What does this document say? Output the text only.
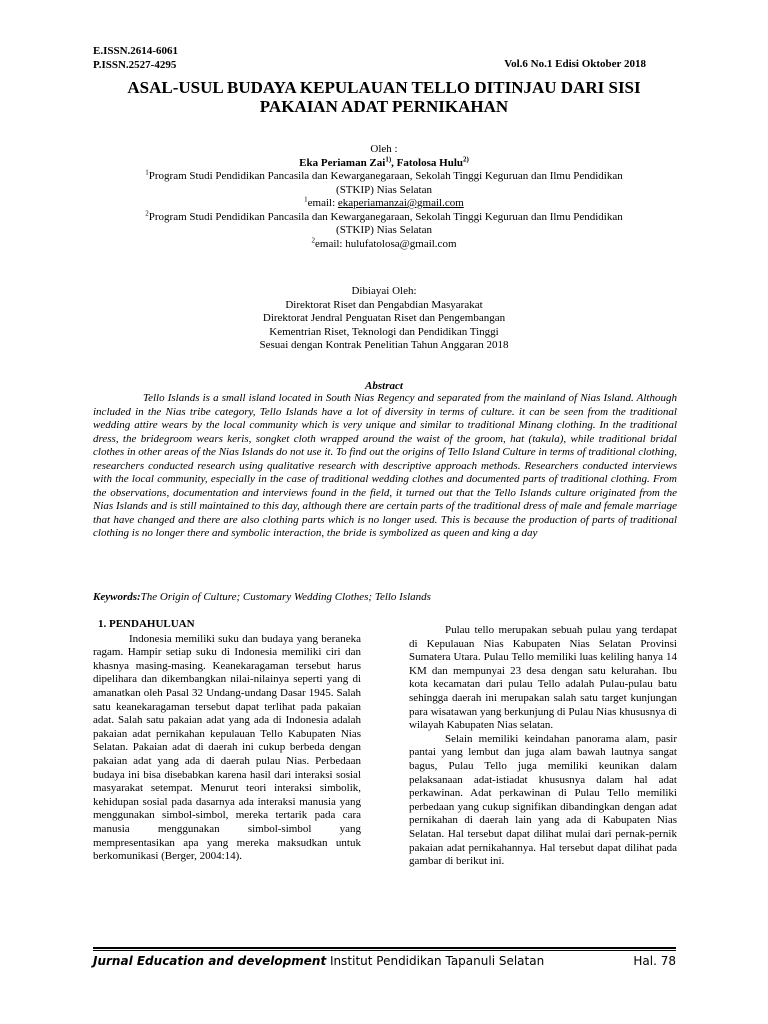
E.ISSN.2614-6061
P.ISSN.2527-4295	Vol.6 No.1 Edisi Oktober 2018
ASAL-USUL BUDAYA KEPULAUAN TELLO DITINJAU DARI SISI
PAKAIAN ADAT PERNIKAHAN
Oleh :
Eka Periaman Zai$^{1)}$, Fatolosa Hulu$^{2)}$
$^1$Program Studi Pendidikan Pancasila dan Kewarganegaraan, Sekolah Tinggi Keguruan dan Ilmu Pendidikan
(STKIP) Nias Selatan
$^1$email: ekaperiamanzai@gmail.com
$^2$Program Studi Pendidikan Pancasila dan Kewarganegaraan, Sekolah Tinggi Keguruan dan Ilmu Pendidikan
(STKIP) Nias Selatan
$^2$email: hulufatolosa@gmail.com
Dibiayai Oleh:
Direktorat Riset dan Pengabdian Masyarakat
Direktorat Jendral Penguatan Riset dan Pengembangan
Kementrian Riset, Teknologi dan Pendidikan Tinggi
Sesuai dengan Kontrak Penelitian Tahun Anggaran 2018
Abstract

Tello Islands is a small island located in South Nias Regency and separated from the mainland of Nias Island. Although included in the Nias tribe category, Tello Islands have a lot of diversity in terms of culture. it can be seen from the traditional wedding attire wears by the local community which is very unique and similar to traditional Minang clothing. In the traditional dress, the bridegroom wears keris, songket cloth wrapped around the waist of the groom, hat (takula), while traditional bridal clothes in other areas of the Nias Islands do not use it. To find out the origins of Tello Island Culture in terms of traditional clothing, researchers conducted research using qualitative research with descriptive approach methods. Researchers conducted interviews with the local community, especially in the case of traditional wedding clothes and documented parts of traditional clothing. From the observations, documentation and interviews found in the field, it turned out that the Tello Islands culture originated from the Nias Islands and is still maintained to this day, although there are certain parts of the traditional dress of male and female marriage that have changed and there are also clothing parts which is no longer used. This is because the production of parts of traditional clothing is no longer there and symbolic interaction, the bride is symbolized as queen and king a day

Keywords:The Origin of Culture; Customary Wedding Clothes; Tello Islands
1. PENDAHULUAN

Indonesia memiliki suku dan budaya yang beraneka ragam. Hampir setiap suku di Indonesia memiliki ciri dan khasnya masing-masing. Keanekaragaman tersebut harus dipelihara dan dikembangkan nilai-nilainya seperti yang di amanatkan oleh Pasal 32 Undang-undang Dasar 1945. Salah satu keanekaragaman tersebut dapat terlihat pada pakaian adat. Salah satu pakaian adat yang ada di Indonesia adalah pakaian adat pernikahan kepulauan Tello Kabupaten Nias Selatan. Pakaian adat di daerah ini cukup berbeda dengan pakaian adat yang ada di daerah pulau Nias. Perbedaan budaya ini bisa disebabkan karena hasil dari interaksi sosial masyarakat setempat. Menurut teori interaksi simbolik, kehidupan sosial pada dasarnya ada interaksi manusia yang menggunakan simbol-simbol, mereka tertarik pada cara manusia menggunakan simbol-simbol yang mempresentasikan apa yang mereka maksudkan untuk berkomunikasi (Berger, 2004:14).

Pulau tello merupakan sebuah pulau yang terdapat di Kepulauan Nias Kabupaten Nias Selatan Provinsi Sumatera Utara. Pulau Tello memiliki luas keliling hanya 14 KM dan mempunyai 23 desa dengan satu kelurahan. Ibu kota kecamatan dari pulau Tello adalah Pulau-pulau batu sehingga daerah ini merupakan salah satu target kunjungan para wisatawan yang berkunjung di Pulau Nias khususnya di wilayah Kabupaten Nias selatan.

Selain memiliki keindahan panorama alam, pasir pantai yang lembut dan juga alam bawah lautnya sangat bagus, Pulau Tello juga memiliki keunikan dalam pelaksanaan adat-istiadat khususnya dalam hal adat perkawinan. Adat perkawinan di Pulau Tello memiliki perbedaan yang cukup signifikan dibandingkan dengan adat pernikahan di daerah lain yang ada di Kabupaten Nias Selatan. Hal tersebut dapat dilihat mulai dari pernak-pernik pakaian adat pernikahannya. Hal tersebut dapat dilihat pada gambar di berikut ini.

Jurnal Education and development Institut Pendidikan Tapanuli Selatan	Hal. 78
